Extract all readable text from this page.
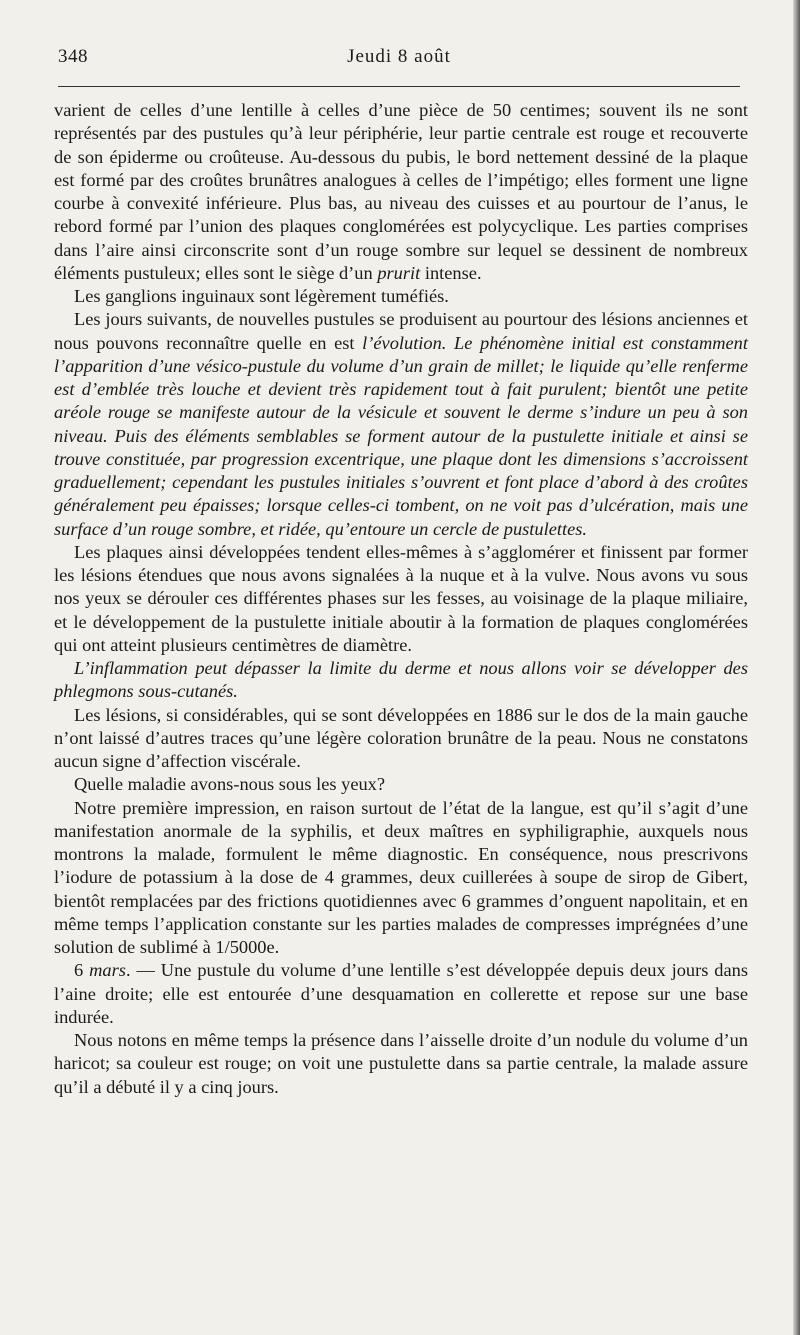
348	Jeudi 8 août

varient de celles d’une lentille à celles d’une pièce de 50 centimes; souvent ils ne sont représentés par des pustules qu’à leur périphérie, leur partie centrale est rouge et recouverte de son épiderme ou croûteuse. Au-dessous du pubis, le bord nettement dessiné de la plaque est formé par des croûtes brunâtres analogues à celles de l’impétigo; elles forment une ligne courbe à convexité inférieure. Plus bas, au niveau des cuisses et au pourtour de l’anus, le rebord formé par l’union des plaques conglomérées est polycyclique. Les parties comprises dans l’aire ainsi circonscrite sont d’un rouge sombre sur lequel se dessinent de nombreux éléments pustuleux; elles sont le siège d’un prurit intense.

Les ganglions inguinaux sont légèrement tuméfiés.

Les jours suivants, de nouvelles pustules se produisent au pourtour des lésions anciennes et nous pouvons reconnaître quelle en est l’évolution. Le phénomène initial est constamment l’apparition d’une vésico-pustule du volume d’un grain de millet; le liquide qu’elle renferme est d’emblée très louche et devient très rapidement tout à fait purulent; bientôt une petite aréole rouge se manifeste autour de la vésicule et souvent le derme s’indure un peu à son niveau. Puis des éléments semblables se forment autour de la pustulette initiale et ainsi se trouve constituée, par progression excentrique, une plaque dont les dimensions s’accroissent graduellement; cependant les pustules initiales s’ouvrent et font place d’abord à des croûtes généralement peu épaisses; lorsque celles-ci tombent, on ne voit pas d’ulcération, mais une surface d’un rouge sombre, et ridée, qu’entoure un cercle de pustulettes.

Les plaques ainsi développées tendent elles-mêmes à s’agglomérer et finissent par former les lésions étendues que nous avons signalées à la nuque et à la vulve. Nous avons vu sous nos yeux se dérouler ces différentes phases sur les fesses, au voisinage de la plaque miliaire, et le développement de la pustulette initiale aboutir à la formation de plaques conglomérées qui ont atteint plusieurs centimètres de diamètre.

L’inflammation peut dépasser la limite du derme et nous allons voir se développer des phlegmons sous-cutanés.

Les lésions, si considérables, qui se sont développées en 1886 sur le dos de la main gauche n’ont laissé d’autres traces qu’une légère coloration brunâtre de la peau. Nous ne constatons aucun signe d’affection viscérale.

Quelle maladie avons-nous sous les yeux?

Notre première impression, en raison surtout de l’état de la langue, est qu’il s’agit d’une manifestation anormale de la syphilis, et deux maîtres en syphiligraphie, auxquels nous montrons la malade, formulent le même diagnostic. En conséquence, nous prescrivons l’iodure de potassium à la dose de 4 grammes, deux cuillerées à soupe de sirop de Gibert, bientôt remplacées par des frictions quotidiennes avec 6 grammes d’onguent napolitain, et en même temps l’application constante sur les parties malades de compresses imprégnées d’une solution de sublimé à 1/5000e.

6 mars. — Une pustule du volume d’une lentille s’est développée depuis deux jours dans l’aine droite; elle est entourée d’une desquamation en collerette et repose sur une base indurée.

Nous notons en même temps la présence dans l’aisselle droite d’un nodule du volume d’un haricot; sa couleur est rouge; on voit une pustulette dans sa partie centrale, la malade assure qu’il a débuté il y a cinq jours.
